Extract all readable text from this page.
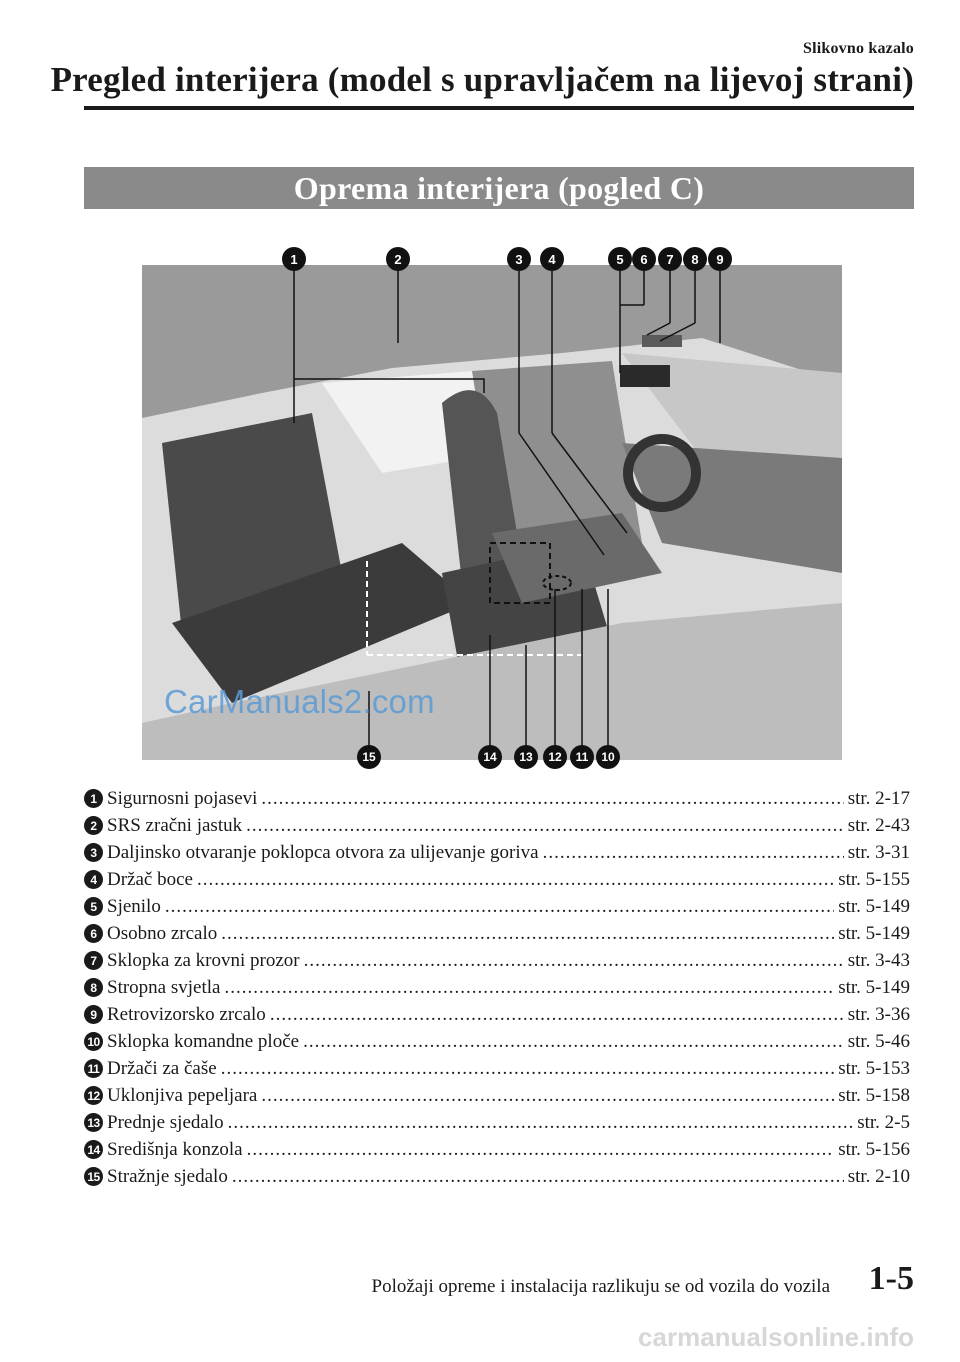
Slikovno kazalo
Pregled interijera (model s upravljačem na lijevoj strani)
Oprema interijera (pogled C)
1	2	3 4	5 6 7 8 9
15	14 13 12 11 10
CarManuals2.com
1 Sigurnosni pojasevi .....	str. 2-17
2 SRS zračni jastuk .....	str. 2-43
3 Daljinsko otvaranje poklopca otvora za ulijevanje goriva .....	str. 3-31
4 Držač boce .....	str. 5-155
5 Sjenilo .....	str. 5-149
6 Osobno zrcalo .....	str. 5-149
7 Sklopka za krovni prozor .....	str. 3-43
8 Stropna svjetla .....	str. 5-149
9 Retrovizorsko zrcalo .....	str. 3-36
10 Sklopka komandne ploče .....	str. 5-46
11 Držači za čaše .....	str. 5-153
12 Uklonjiva pepeljara .....	str. 5-158
13 Prednje sjedalo .....	str. 2-5
14 Središnja konzola .....	str. 5-156
15 Stražnje sjedalo .....	str. 2-10
Položaji opreme i instalacija razlikuju se od vozila do vozila 1-5
carmanualsonline.info
